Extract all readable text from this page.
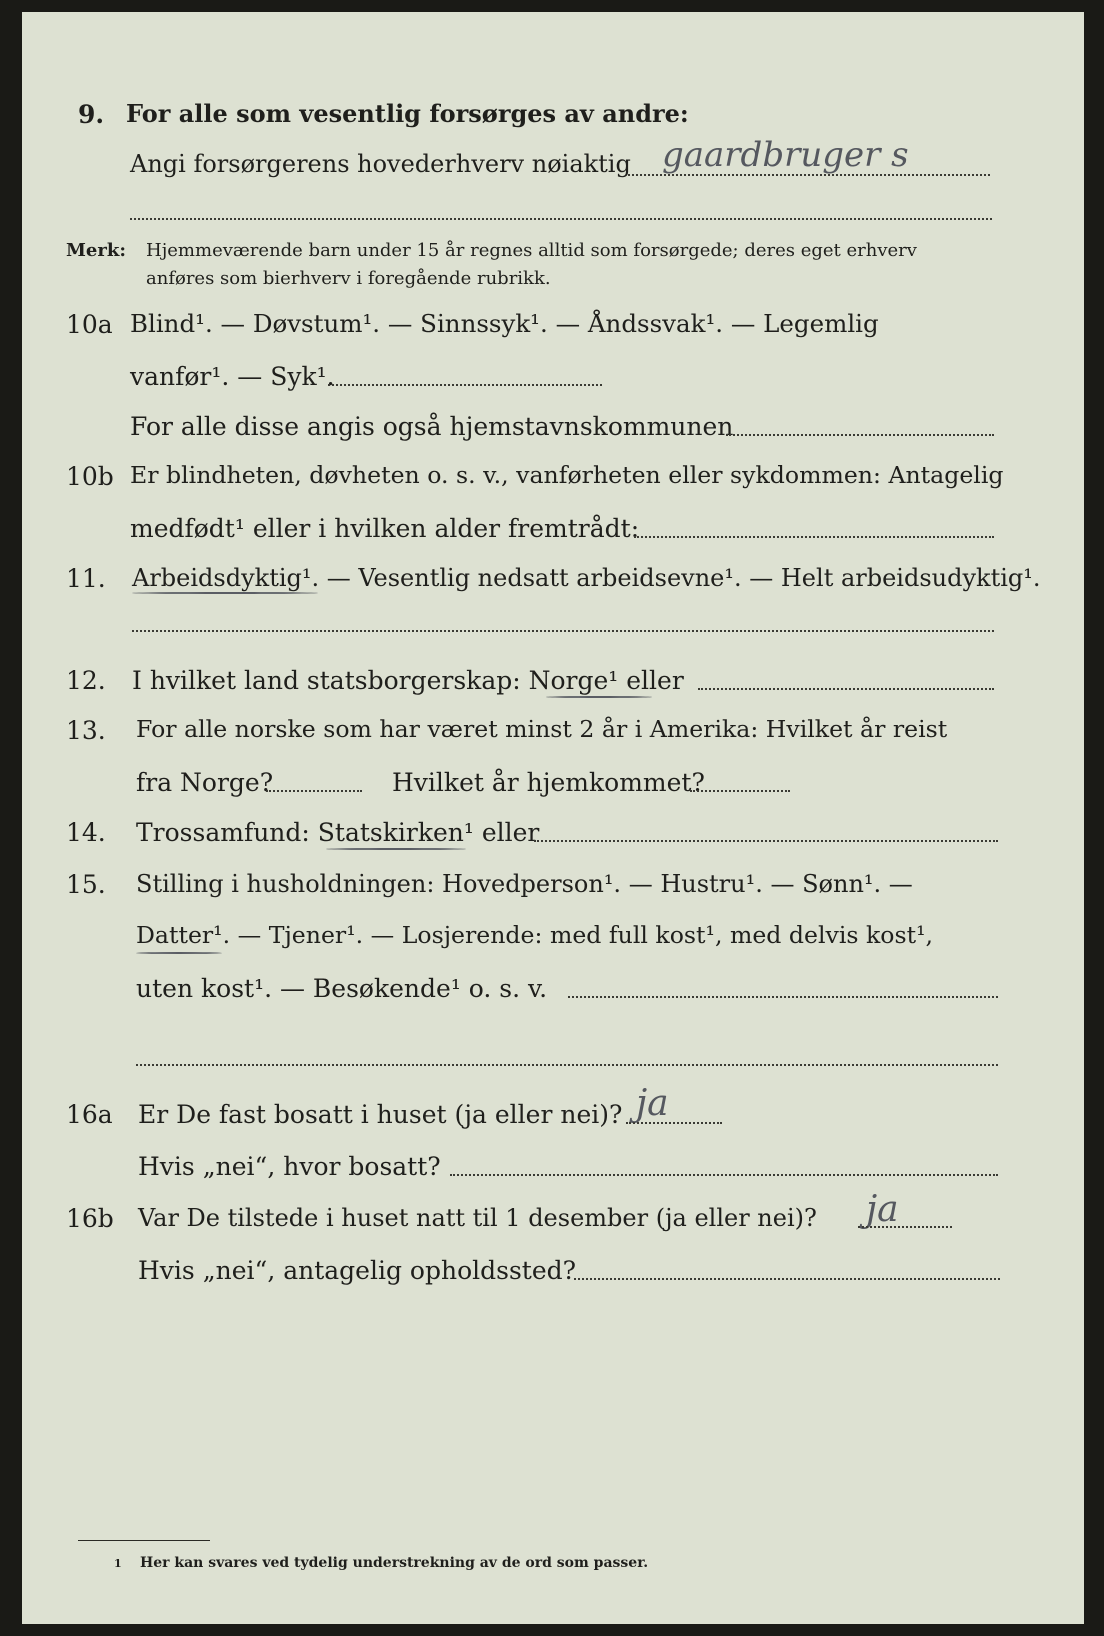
9. For alle som vesentlig forsørges av andre:
Angi forsørgerens hovederhverv nøiaktig gaardbruger s
Merk: Hjemmeværende barn under 15 år regnes alltid som forsørgede; deres eget erhverv
anføres som bierhverv i foregående rubrikk.
10a Blind¹. — Døvstum¹. — Sinnssyk¹. — Åndssvak¹. — Legemlig
vanfør¹. — Syk¹.
For alle disse angis også hjemstavnskommunen
10b Er blindheten, døvheten o. s. v., vanførheten eller sykdommen: Antagelig
medfødt¹ eller i hvilken alder fremtrådt:
11. Arbeidsdyktig¹. — Vesentlig nedsatt arbeidsevne¹. — Helt arbeidsudyktig¹.
12. I hvilket land statsborgerskap: Norge¹ eller
13. For alle norske som har været minst 2 år i Amerika: Hvilket år reist
fra Norge?	Hvilket år hjemkommet?
14. Trossamfund: Statskirken¹ eller
15. Stilling i husholdningen: Hovedperson¹. — Hustru¹. — Sønn¹. —
Datter¹. — Tjener¹. — Losjerende: med full kost¹, med delvis kost¹,
uten kost¹. — Besøkende¹ o. s. v.
16a Er De fast bosatt i huset (ja eller nei)? ja
Hvis „nei“, hvor bosatt?
16b Var De tilstede i huset natt til 1 desember (ja eller nei)? ja
Hvis „nei“, antagelig opholdssted?
1 Her kan svares ved tydelig understrekning av de ord som passer.
